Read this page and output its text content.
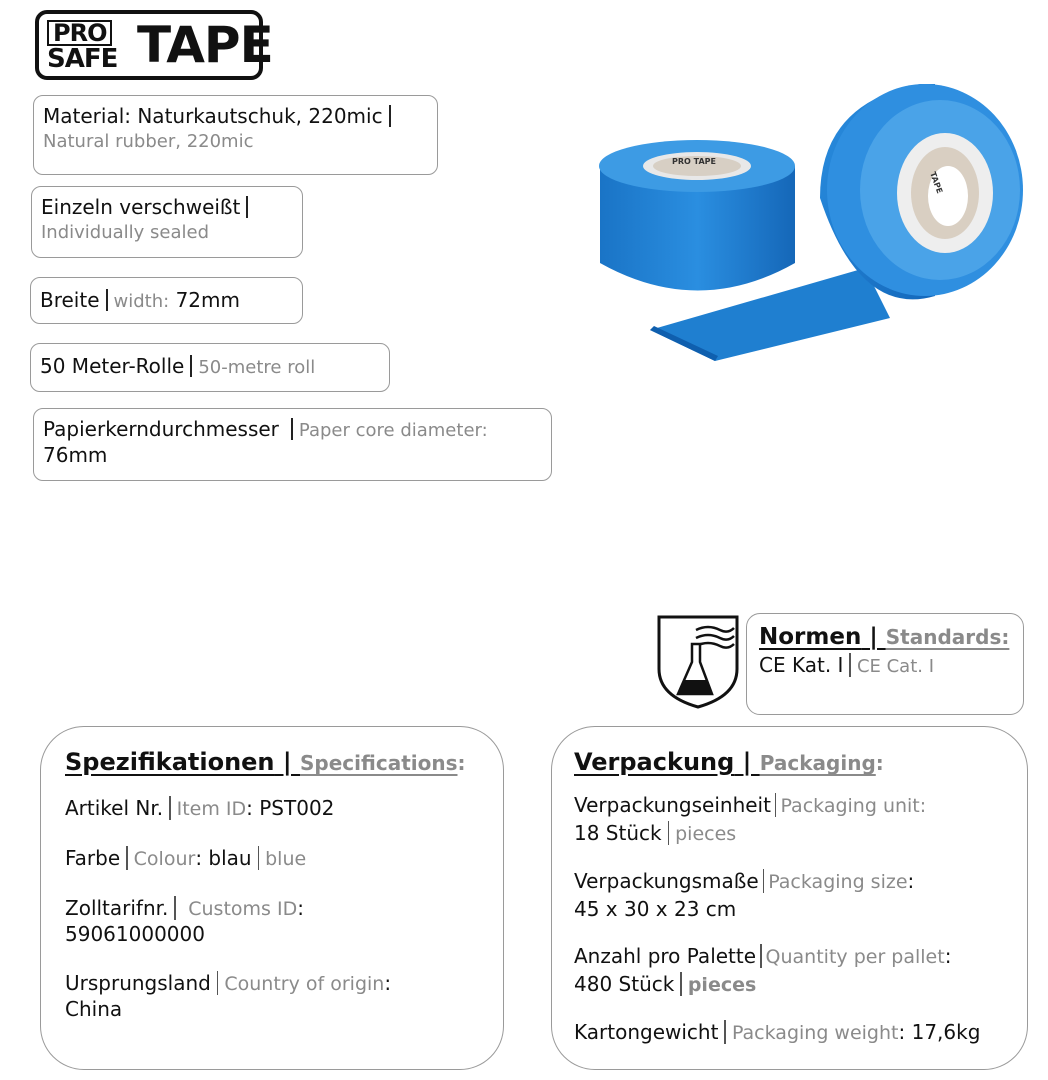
PRO
SAFE TAPE
Material: Naturkautschuk, 220mic
Natural rubber, 220mic
Einzeln verschweißt
Individually sealed
Breite width: 72mm
50 Meter-Rolle 50-metre roll
Papierkerndurchmesser Paper core diameter:
76mm
PRO TAPE
TAPE
Normen | Standards:
CE Kat. I CE Cat. I
Spezifikationen | Specifications:
Artikel Nr. Item ID: PST002
Farbe Colour: blau blue
Zolltarifnr. Customs ID:
59061000000
Ursprungsland Country of origin:
China
Verpackung | Packaging:
Verpackungseinheit Packaging unit:
18 Stück pieces
Verpackungsmaße Packaging size:
45 x 30 x 23 cm
Anzahl pro Palette Quantity per pallet:
480 Stück pieces
Kartongewicht Packaging weight: 17,6kg
